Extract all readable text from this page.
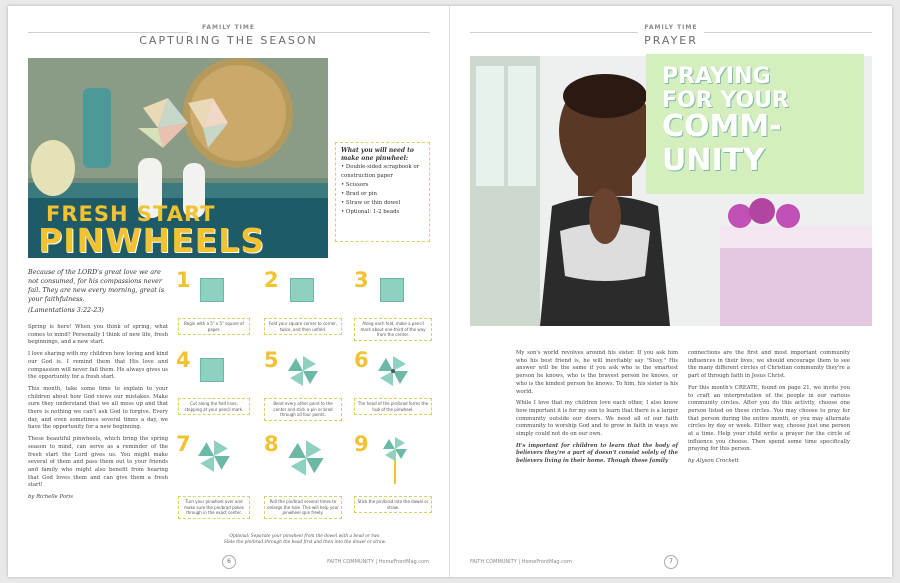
FAMILY TIME
CAPTURING THE SEASON
FRESH START
PINWHEELS
What you will need to make one pinwheel:
• Double-sided scrapbook or construction paper
• Scissors
• Brad or pin
• Straw or thin dowel
• Optional: 1-2 beads
Because of the LORD's great love we are not consumed, for his compassions never fail. They are new every morning, great is your faithfulness.
(Lamentations 3:22-23)

Spring is here! When you think of spring, what comes to mind? Personally I think of new life, fresh beginnings, and a new start.

I love sharing with my children how loving and kind our God is. I remind them that His love and compassion will never fail them. He always gives us the opportunity for a fresh start.

This month, take some time to explain to your children about how God views our mistakes. Make sure they understand that we all mess up and that there is nothing we can't ask God to forgive. Every day, and even sometimes several times a day, we have the opportunity for a new beginning.

These beautiful pinwheels, which bring the spring season to mind, can serve as a reminder of the fresh start the Lord gives us. You might make several of them and pass them out to your friends and family who might also benefit from hearing that God loves them and can give them a fresh start!

by Richelle Poris

1
Begin with a 5" x 5" square of paper.
2
Fold your square corner to corner, twice, and then unfold.
3
Along each fold, make a pencil mark about one-third of the way from the center.
4
Cut along the fold lines, stopping at your pencil mark.
5
Bend every other point to the center and stick a pin or brad through all four points.
6
The head of the pin/brad forms the hub of the pinwheel.
7
Turn your pinwheel over and make sure the pin/brad pokes through in the exact center.
8
Roll the pin/brad several times to enlarge the hole. This will help your pinwheel spin freely.
9
Stick the pin/brad into the dowel or straw.
Optional: Separate your pinwheel from the dowel with a bead or two.
Slide the pin/brad through the bead first and then into the dowel or straw.
6	FAITH COMMUNITY | HomeFrontMag.com
FAMILY TIME
PRAYER
PRAYING
FOR YOUR
COMM-
UNITY

My son's world revolves around his sister. If you ask him who his best friend is, he will inevitably say "Sissy." His answer will be the same if you ask who is the smartest person he knows, who is the bravest person he knows, or who is the kindest person he knows. To him, his sister is his world.

While I love that my children love each other, I also know how important it is for my son to learn that there is a larger community outside our doors. We need all of our faith community to worship God and to grow in faith in ways we simply could not do on our own.

It's important for children to learn that the body of believers they're a part of doesn't consist solely of the believers living in their home. Though these family

connections are the first and most important community influences in their lives, we should encourage them to see the many different circles of Christian community they're a part of through faith in Jesus Christ.

For this month's CREATE, found on page 21, we invite you to craft an interpretation of the people in our various community circles. After you do this activity, choose one person listed on these circles. You may choose to pray for that person during the entire month, or you may alternate circles by day or week. Either way, choose just one person at a time. Help your child write a prayer for the circle of influence you choose. Then spend some time specifically praying for this person.

by Alyson Crockett

7
FAITH COMMUNITY | HomeFrontMag.com
